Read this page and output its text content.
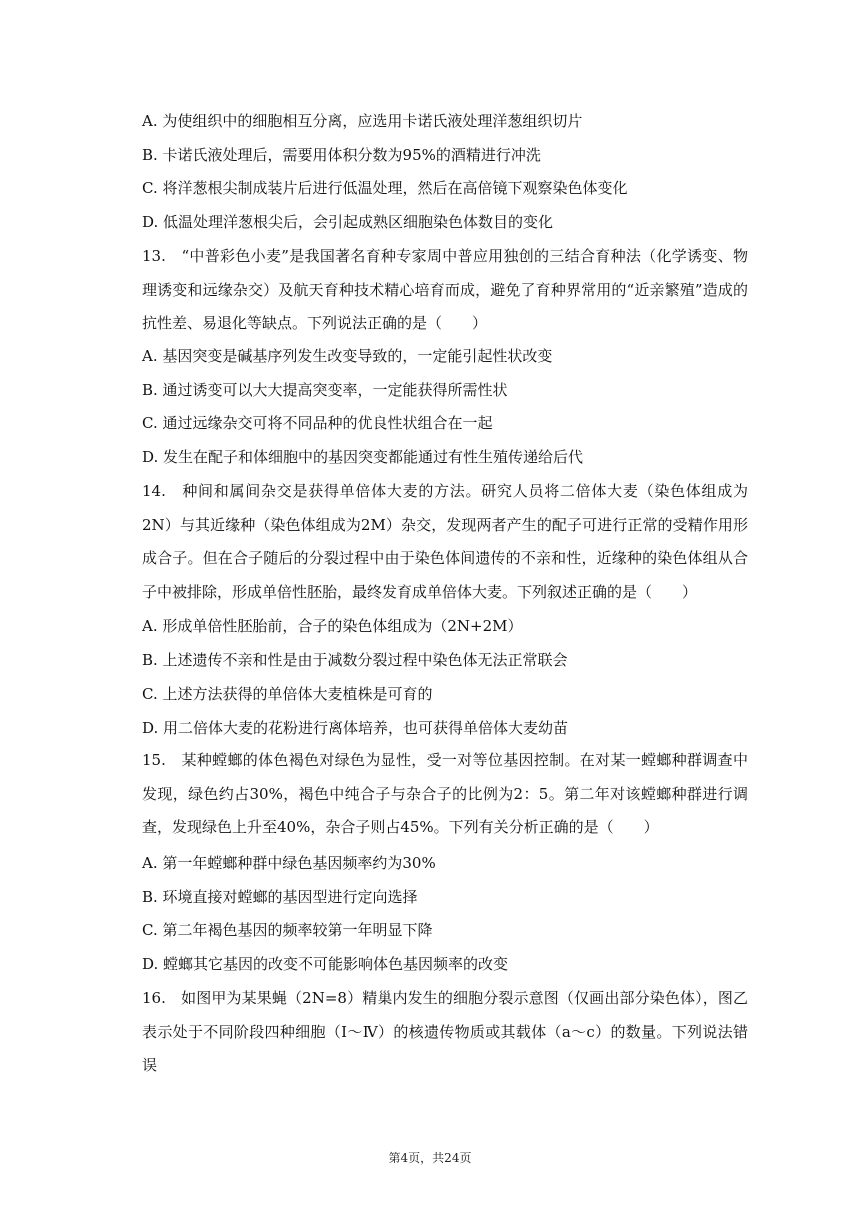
A. 为使组织中的细胞相互分离，应选用卡诺氏液处理洋葱组织切片
B. 卡诺氏液处理后，需要用体积分数为95%的酒精进行冲洗
C. 将洋葱根尖制成装片后进行低温处理，然后在高倍镜下观察染色体变化
D. 低温处理洋葱根尖后，会引起成熟区细胞染色体数目的变化
13.　“中普彩色小麦”是我国著名育种专家周中普应用独创的三结合育种法（化学诱变、物理诱变和远缘杂交）及航天育种技术精心培育而成，避免了育种界常用的“近亲繁殖”造成的抗性差、易退化等缺点。下列说法正确的是（　　）
A. 基因突变是碱基序列发生改变导致的，一定能引起性状改变
B. 通过诱变可以大大提高突变率，一定能获得所需性状
C. 通过远缘杂交可将不同品种的优良性状组合在一起
D. 发生在配子和体细胞中的基因突变都能通过有性生殖传递给后代
14.　种间和属间杂交是获得单倍体大麦的方法。研究人员将二倍体大麦（染色体组成为2N）与其近缘种（染色体组成为2M）杂交，发现两者产生的配子可进行正常的受精作用形成合子。但在合子随后的分裂过程中由于染色体间遗传的不亲和性，近缘种的染色体组从合子中被排除，形成单倍性胚胎，最终发育成单倍体大麦。下列叙述正确的是（　　）
A. 形成单倍性胚胎前，合子的染色体组成为（2N+2M）
B. 上述遗传不亲和性是由于减数分裂过程中染色体无法正常联会
C. 上述方法获得的单倍体大麦植株是可育的
D. 用二倍体大麦的花粉进行离体培养，也可获得单倍体大麦幼苗
15.　某种螳螂的体色褐色对绿色为显性，受一对等位基因控制。在对某一螳螂种群调查中发现，绿色约占30%，褐色中纯合子与杂合子的比例为2：5。第二年对该螳螂种群进行调查，发现绿色上升至40%，杂合子则占45%。下列有关分析正确的是（　　）
A. 第一年螳螂种群中绿色基因频率约为30%
B. 环境直接对螳螂的基因型进行定向选择
C. 第二年褐色基因的频率较第一年明显下降
D. 螳螂其它基因的改变不可能影响体色基因频率的改变
16.　如图甲为某果蝇（2N=8）精巢内发生的细胞分裂示意图（仅画出部分染色体），图乙表示处于不同阶段四种细胞（Ⅰ～Ⅳ）的核遗传物质或其载体（a～c）的数量。下列说法错误
第4页，共24页
